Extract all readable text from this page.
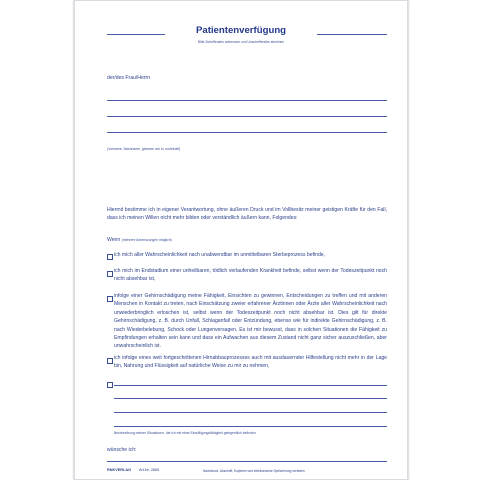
Patientenverfügung
Bitte Zutreffendes ankreuzen und Unzutreffendes streichen
der/des Frau/Herrn
(Vorname, Nachname, geboren am in, wohnhaft)
Hiermit bestimme ich in eigener Verantwortung, ohne äußeren Druck und im Vollbesitz meiner geistigen Kräfte für den Fall, dass ich meinen Willen nicht mehr bilden oder verständlich äußern kann, Folgendes:
Wenn (mehrere Ankreuzungen möglich)
ich mich aller Wahrscheinlichkeit nach unabwendbar im unmittelbaren Sterbeprozess befinde,
ich mich im Endstadium einer unheilbaren, tödlich verlaufenden Krankheit befinde, selbst wenn der Todeszeitpunkt noch nicht absehbar ist,
infolge einer Gehirnschädigung meine Fähigkeit, Einsichten zu gewinnen, Entscheidungen zu treffen und mit anderen Menschen in Kontakt zu treten, nach Einschätzung zweier erfahrener Ärztinnen oder Ärzte aller Wahrscheinlichkeit nach unwiederbringlich erloschen ist, selbst wenn der Todeszeitpunkt noch nicht absehbar ist. Dies gilt für direkte Gehirnschädigung, z. B. durch Unfall, Schlaganfall oder Entzündung, ebenso wie für indirekte Gehirnschädigung, z. B. nach Wiederbelebung, Schock oder Lungenversagen. Es ist mir bewusst, dass in solchen Situationen die Fähigkeit zu Empfindungen erhalten sein kann und dass ein Aufwachen aus diesem Zustand nicht ganz sicher auszuschließen, aber unwahrscheinlich ist.
ich infolge eines weit fortgeschrittenen Hirnabbauprozesses auch mit ausdauernder Hilfestellung nicht mehr in der Lage bin, Nahrung und Flüssigkeit auf natürliche Weise zu mir zu nehmen,
Beschreibung meiner Situationen, die ich mit einer Einwilligungsfähigkeit gelegentlich befinden
wünsche ich:
RNKVERLAG Art.Nr. 2865	Nachdruck, Abschrift, Kopieren und elektronische Speicherung verboten
